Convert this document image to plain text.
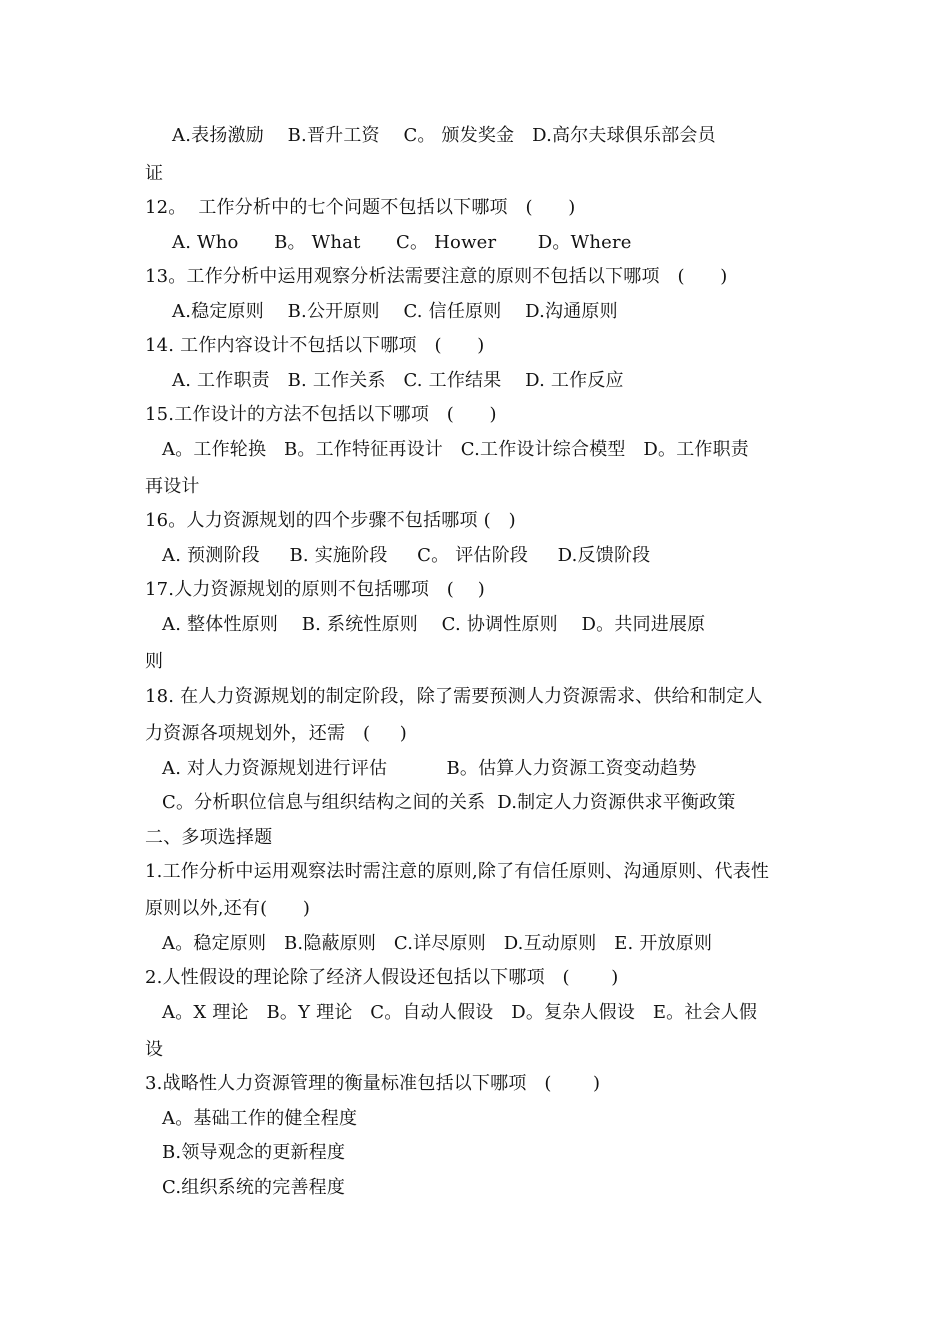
A.表扬激励    B.晋升工资    C。 颁发奖金   D.高尔夫球俱乐部会员
证
12。  工作分析中的七个问题不包括以下哪项   (      )
A. Who      B。 What      C。 Hower       D。Where
13。工作分析中运用观察分析法需要注意的原则不包括以下哪项   (      )
A.稳定原则    B.公开原则    C. 信任原则    D.沟通原则
14. 工作内容设计不包括以下哪项   (      )
A. 工作职责   B. 工作关系   C. 工作结果    D. 工作反应
15.工作设计的方法不包括以下哪项   (      )
A。工作轮换   B。工作特征再设计   C.工作设计综合模型   D。工作职责
再设计
16。人力资源规划的四个步骤不包括哪项 (   )
A. 预测阶段     B. 实施阶段     C。 评估阶段     D.反馈阶段
17.人力资源规划的原则不包括哪项   (    )
A. 整体性原则    B. 系统性原则    C. 协调性原则    D。共同进展原
则
18. 在人力资源规划的制定阶段，除了需要预测人力资源需求、供给和制定人
力资源各项规划外，还需   (     )
A. 对人力资源规划进行评估          B。估算人力资源工资变动趋势
C。分析职位信息与组织结构之间的关系  D.制定人力资源供求平衡政策
二、多项选择题
1.工作分析中运用观察法时需注意的原则,除了有信任原则、沟通原则、代表性
原则以外,还有(      )
A。稳定原则   B.隐蔽原则   C.详尽原则   D.互动原则   E. 开放原则
2.人性假设的理论除了经济人假设还包括以下哪项   (       )
A。X 理论   B。Y 理论   C。自动人假设   D。复杂人假设   E。社会人假
设
3.战略性人力资源管理的衡量标准包括以下哪项   (       )
A。基础工作的健全程度
B.领导观念的更新程度
C.组织系统的完善程度
